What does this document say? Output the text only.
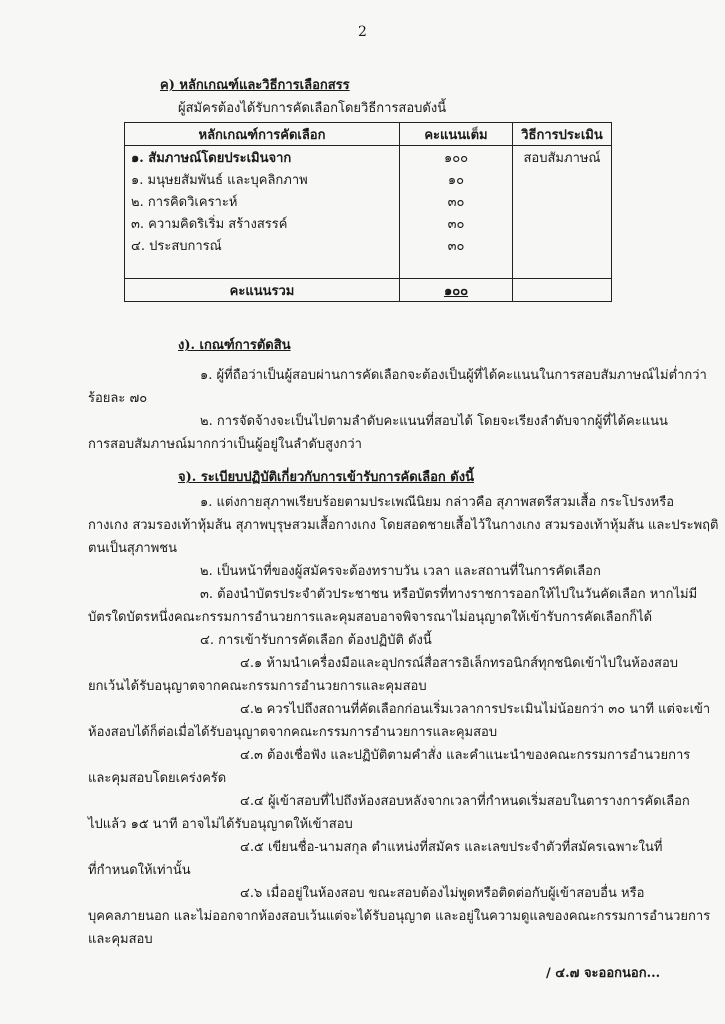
2
ค) หลักเกณฑ์และวิธีการเลือกสรร
ผู้สมัครต้องได้รับการคัดเลือกโดยวิธีการสอบดังนี้
หลักเกณฑ์การคัดเลือก	คะแนนเต็ม	วิธีการประเมิน
๑. สัมภาษณ์โดยประเมินจาก	๑๐๐	สอบสัมภาษณ์
๑. มนุษยสัมพันธ์ และบุคลิกภาพ	๑๐	
๒. การคิดวิเคราะห์	๓๐	
๓. ความคิดริเริ่ม สร้างสรรค์	๓๐	
๔. ประสบการณ์	๓๐	

คะแนนรวม	๑๐๐	
ง). เกณฑ์การตัดสิน
๑. ผู้ที่ถือว่าเป็นผู้สอบผ่านการคัดเลือกจะต้องเป็นผู้ที่ได้คะแนนในการสอบสัมภาษณ์ไม่ต่ำกว่า
ร้อยละ ๗๐
๒. การจัดจ้างจะเป็นไปตามลำดับคะแนนที่สอบได้ โดยจะเรียงลำดับจากผู้ที่ได้คะแนน
การสอบสัมภาษณ์มากกว่าเป็นผู้อยู่ในลำดับสูงกว่า
จ). ระเบียบปฏิบัติเกี่ยวกับการเข้ารับการคัดเลือก ดังนี้
๑. แต่งกายสุภาพเรียบร้อยตามประเพณีนิยม กล่าวคือ สุภาพสตรีสวมเสื้อ กระโปรงหรือ
กางเกง สวมรองเท้าหุ้มส้น สุภาพบุรุษสวมเสื้อกางเกง โดยสอดชายเสื้อไว้ในกางเกง สวมรองเท้าหุ้มส้น และประพฤติ
ตนเป็นสุภาพชน
๒. เป็นหน้าที่ของผู้สมัครจะต้องทราบวัน เวลา และสถานที่ในการคัดเลือก
๓. ต้องนำบัตรประจำตัวประชาชน หรือบัตรที่ทางราชการออกให้ไปในวันคัดเลือก หากไม่มี
บัตรใดบัตรหนึ่งคณะกรรมการอำนวยการและคุมสอบอาจพิจารณาไม่อนุญาตให้เข้ารับการคัดเลือกก็ได้
๔. การเข้ารับการคัดเลือก ต้องปฏิบัติ ดังนี้
๔.๑ ห้ามนำเครื่องมือและอุปกรณ์สื่อสารอิเล็กทรอนิกส์ทุกชนิดเข้าไปในห้องสอบ
ยกเว้นได้รับอนุญาตจากคณะกรรมการอำนวยการและคุมสอบ
๔.๒ ควรไปถึงสถานที่คัดเลือกก่อนเริ่มเวลาการประเมินไม่น้อยกว่า ๓๐ นาที แต่จะเข้า
ห้องสอบได้ก็ต่อเมื่อได้รับอนุญาตจากคณะกรรมการอำนวยการและคุมสอบ
๔.๓ ต้องเชื่อฟัง และปฏิบัติตามคำสั่ง และคำแนะนำของคณะกรรมการอำนวยการ
และคุมสอบโดยเคร่งครัด
๔.๔ ผู้เข้าสอบที่ไปถึงห้องสอบหลังจากเวลาที่กำหนดเริ่มสอบในตารางการคัดเลือก
ไปแล้ว ๑๕ นาที อาจไม่ได้รับอนุญาตให้เข้าสอบ
๔.๕ เขียนชื่อ-นามสกุล ตำแหน่งที่สมัคร และเลขประจำตัวที่สมัครเฉพาะในที่
ที่กำหนดให้เท่านั้น
๔.๖ เมื่ออยู่ในห้องสอบ ขณะสอบต้องไม่พูดหรือติดต่อกับผู้เข้าสอบอื่น หรือ
บุคคลภายนอก และไม่ออกจากห้องสอบเว้นแต่จะได้รับอนุญาต และอยู่ในความดูแลของคณะกรรมการอำนวยการ
และคุมสอบ
/ ๔.๗ จะออกนอก...
